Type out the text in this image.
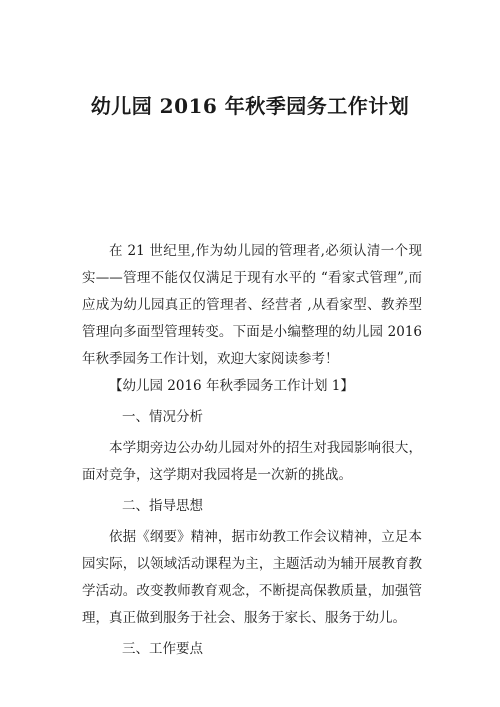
幼儿园 2016 年秋季园务工作计划

在 21 世纪里,作为幼儿园的管理者,必须认清一个现实——管理不能仅仅满足于现有水平的 “看家式管理”,而应成为幼儿园真正的管理者、经营者 ,从看家型、教养型管理向多面型管理转变。下面是小编整理的幼儿园 2016 年秋季园务工作计划，欢迎大家阅读参考！

【幼儿园 2016 年秋季园务工作计划 1】

一、情况分析

本学期旁边公办幼儿园对外的招生对我园影响很大，面对竞争，这学期对我园将是一次新的挑战。

二、指导思想

依据《纲要》精神，据市幼教工作会议精神，立足本园实际，以领域活动课程为主，主题活动为辅开展教育教学活动。改变教师教育观念，不断提高保教质量，加强管理，真正做到服务于社会、服务于家长、服务于幼儿。

三、工作要点
